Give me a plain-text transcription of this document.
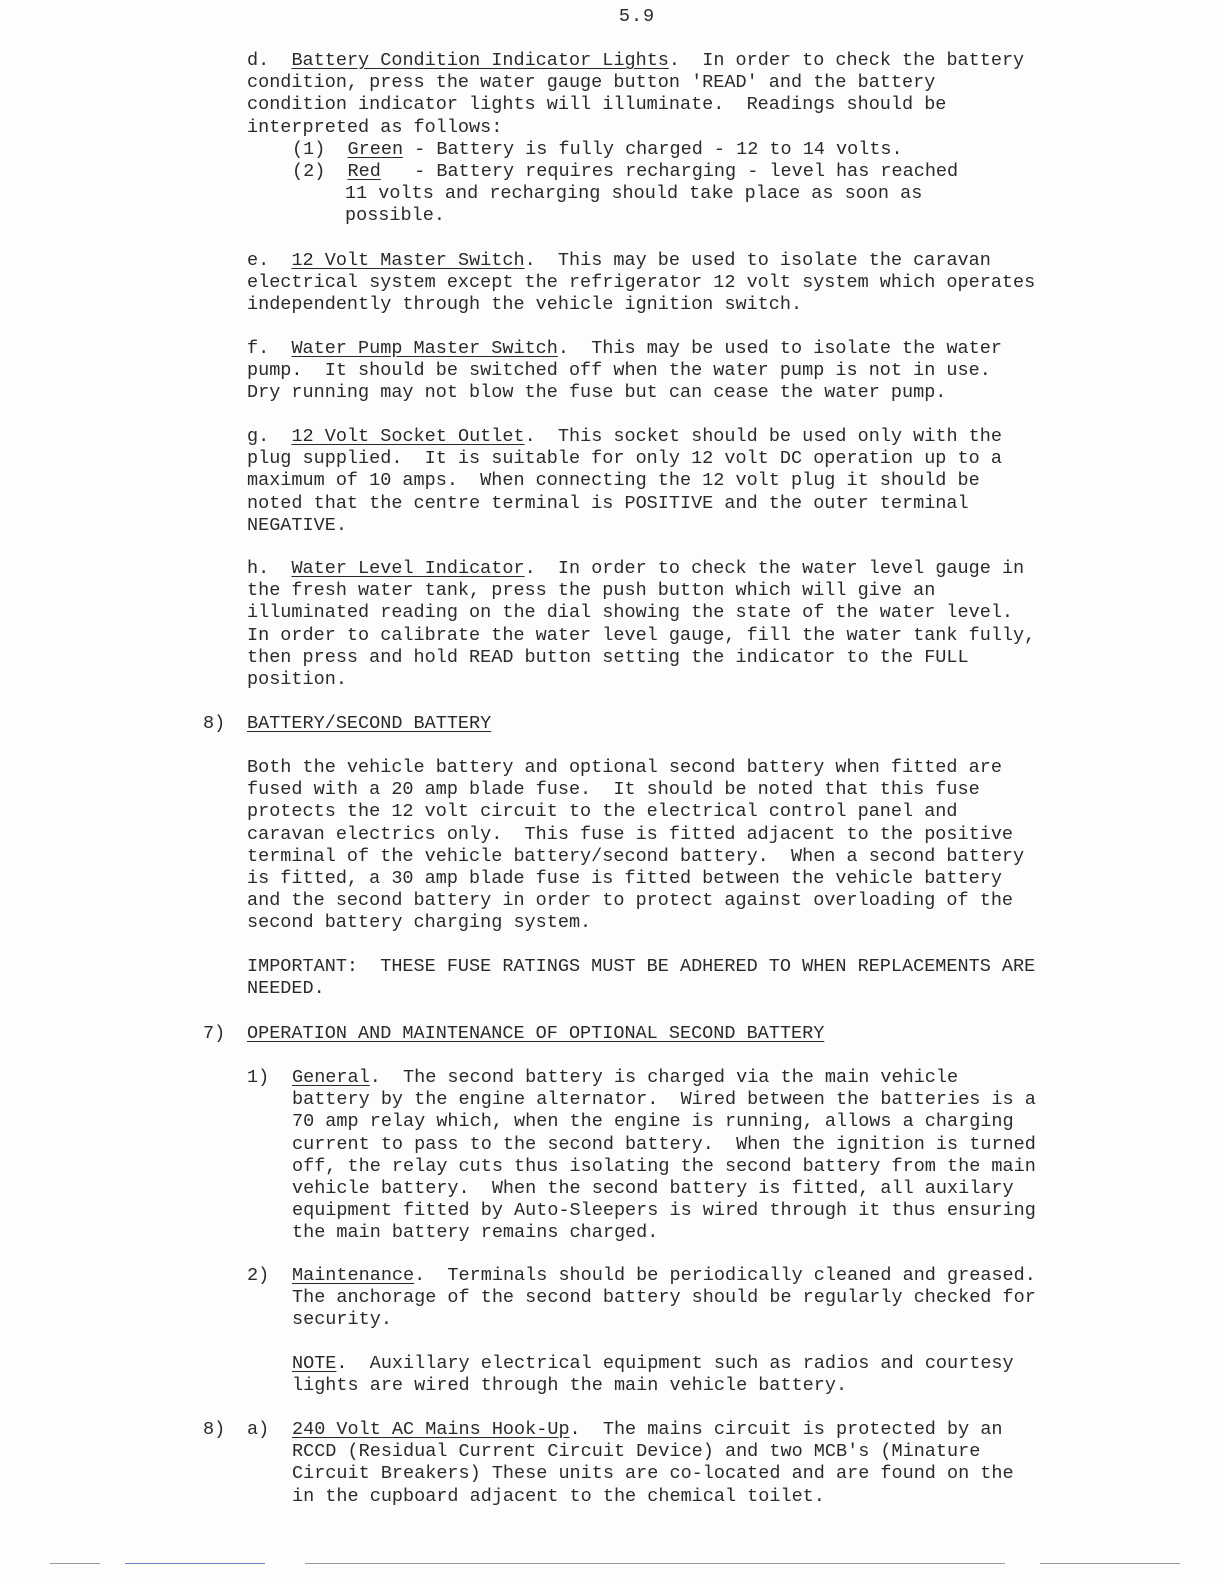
5.9
d. Battery Condition Indicator Lights.  In order to check the battery
condition, press the water gauge button 'READ' and the battery
condition indicator lights will illuminate.  Readings should be
interpreted as follows:
(1) Green - Battery is fully charged - 12 to 14 volts.
(2) Red   - Battery requires recharging - level has reached
11 volts and recharging should take place as soon as
possible.
e. 12 Volt Master Switch.  This may be used to isolate the caravan
electrical system except the refrigerator 12 volt system which operates
independently through the vehicle ignition switch.
f. Water Pump Master Switch.  This may be used to isolate the water
pump.  It should be switched off when the water pump is not in use.
Dry running may not blow the fuse but can cease the water pump.
g. 12 Volt Socket Outlet.  This socket should be used only with the
plug supplied.  It is suitable for only 12 volt DC operation up to a
maximum of 10 amps.  When connecting the 12 volt plug it should be
noted that the centre terminal is POSITIVE and the outer terminal
NEGATIVE.
h. Water Level Indicator.  In order to check the water level gauge in
the fresh water tank, press the push button which will give an
illuminated reading on the dial showing the state of the water level.
In order to calibrate the water level gauge, fill the water tank fully,
then press and hold READ button setting the indicator to the FULL
position.
8) BATTERY/SECOND BATTERY
Both the vehicle battery and optional second battery when fitted are
fused with a 20 amp blade fuse.  It should be noted that this fuse
protects the 12 volt circuit to the electrical control panel and
caravan electrics only.  This fuse is fitted adjacent to the positive
terminal of the vehicle battery/second battery.  When a second battery
is fitted, a 30 amp blade fuse is fitted between the vehicle battery
and the second battery in order to protect against overloading of the
second battery charging system.
IMPORTANT:  THESE FUSE RATINGS MUST BE ADHERED TO WHEN REPLACEMENTS ARE
NEEDED.
7) OPERATION AND MAINTENANCE OF OPTIONAL SECOND BATTERY
1) General.  The second battery is charged via the main vehicle
battery by the engine alternator.  Wired between the batteries is a
70 amp relay which, when the engine is running, allows a charging
current to pass to the second battery.  When the ignition is turned
off, the relay cuts thus isolating the second battery from the main
vehicle battery.  When the second battery is fitted, all auxilary
equipment fitted by Auto-Sleepers is wired through it thus ensuring
the main battery remains charged.
2) Maintenance.  Terminals should be periodically cleaned and greased.
The anchorage of the second battery should be regularly checked for
security.
NOTE.  Auxillary electrical equipment such as radios and courtesy
lights are wired through the main vehicle battery.
8) a) 240 Volt AC Mains Hook-Up.  The mains circuit is protected by an
RCCD (Residual Current Circuit Device) and two MCB's (Minature
Circuit Breakers) These units are co-located and are found on the
in the cupboard adjacent to the chemical toilet.
